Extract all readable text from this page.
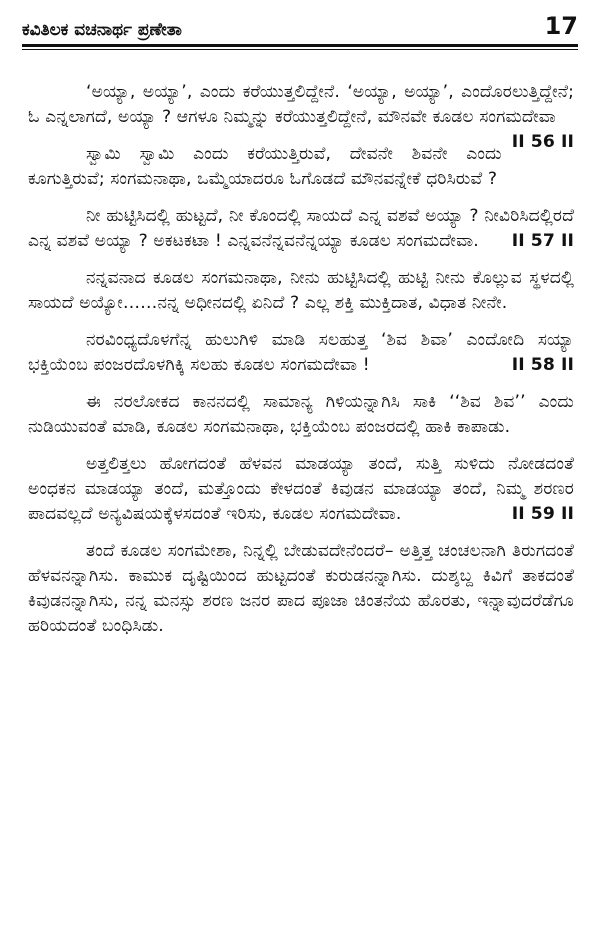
ಕವಿತಿಲಕ ವಚನಾರ್ಥ ಪ್ರಣೇತಾ	17

‘ಅಯ್ಯಾ, ಅಯ್ಯಾ’, ಎಂದು ಕರೆಯುತ್ತಲಿದ್ದೇನೆ. ‘ಅಯ್ಯಾ, ಅಯ್ಯಾ’, ಎಂದೊರಲುತ್ತಿದ್ದೇನೆ; ಓ ಎನ್ನಲಾಗದೆ, ಅಯ್ಯಾ ? ಆಗಳೂ ನಿಮ್ಮನ್ನು ಕರೆಯುತ್ತಲಿದ್ದೇನೆ, ಮೌನವೇ ಕೂಡಲ ಸಂಗಮದೇವಾ
II 56 II

ಸ್ವಾಮಿ ಸ್ವಾಮಿ ಎಂದು ಕರೆಯುತ್ತಿರುವೆ, ದೇವನೇ ಶಿವನೇ ಎಂದು ಕೂಗುತ್ತಿರುವೆ; ಸಂಗಮನಾಥಾ, ಒಮ್ಮೆಯಾದರೂ ಓಗೊಡದೆ ಮೌನವನ್ನೇಕೆ ಧರಿಸಿರುವೆ ?

ನೀ ಹುಟ್ಟಿಸಿದಲ್ಲಿ ಹುಟ್ಟದೆ, ನೀ ಕೊಂದಲ್ಲಿ ಸಾಯದೆ ಎನ್ನ ವಶವೆ ಅಯ್ಯಾ ? ನೀವಿರಿಸಿದಲ್ಲಿರದೆ ಎನ್ನ ವಶವೆ ಅಯ್ಯಾ ? ಅಕಟಕಟಾ ! ಎನ್ನವನೆನ್ನವನೆನ್ನಯ್ಯಾ ಕೂಡಲ ಸಂಗಮದೇವಾ.	II 57 II

ನನ್ನವನಾದ ಕೂಡಲ ಸಂಗಮನಾಥಾ, ನೀನು ಹುಟ್ಟಿಸಿದಲ್ಲಿ ಹುಟ್ಟಿ ನೀನು ಕೊಲ್ಲುವ ಸ್ಥಳದಲ್ಲಿ ಸಾಯದೆ ಅಯ್ಯೋ……ನನ್ನ ಅಧೀನದಲ್ಲಿ ಏನಿದೆ ? ಎಲ್ಲ ಶಕ್ತಿ ಮುಕ್ತಿದಾತ, ವಿಧಾತ ನೀನೇ.

ನರವಿಂಧ್ಯದೊಳಗೆನ್ನ ಹುಲುಗಿಳಿ ಮಾಡಿ ಸಲಹುತ್ತ ‘ಶಿವ ಶಿವಾ’ ಎಂದೋದಿ ಸಯ್ಯಾ ಭಕ್ತಿಯೆಂಬ ಪಂಜರದೊಳಗಿಕ್ಕಿ ಸಲಹು ಕೂಡಲ ಸಂಗಮದೇವಾ !	II 58 II

ಈ ನರಲೋಕದ ಕಾನನದಲ್ಲಿ ಸಾಮಾನ್ಯ ಗಿಳಿಯನ್ನಾಗಿಸಿ ಸಾಕಿ ‘‘ಶಿವ ಶಿವ’’ ಎಂದು ನುಡಿಯುವಂತೆ ಮಾಡಿ, ಕೂಡಲ ಸಂಗಮನಾಥಾ, ಭಕ್ತಿಯೆಂಬ ಪಂಜರದಲ್ಲಿ ಹಾಕಿ ಕಾಪಾಡು.

ಅತ್ತಲಿತ್ತಲು ಹೋಗದಂತೆ ಹೆಳವನ ಮಾಡಯ್ಯಾ ತಂದೆ, ಸುತ್ತಿ ಸುಳಿದು ನೋಡದಂತೆ ಅಂಧಕನ ಮಾಡಯ್ಯಾ ತಂದೆ, ಮತ್ತೊಂದು ಕೇಳದಂತೆ ಕಿವುಡನ ಮಾಡಯ್ಯಾ ತಂದೆ, ನಿಮ್ಮ ಶರಣರ ಪಾದವಲ್ಲದೆ ಅನ್ಯವಿಷಯಕ್ಕೆಳಸದಂತೆ ಇರಿಸು, ಕೂಡಲ ಸಂಗಮದೇವಾ.	II 59 II

ತಂದೆ ಕೂಡಲ ಸಂಗಮೇಶಾ, ನಿನ್ನಲ್ಲಿ ಬೇಡುವದೇನೆಂದರೆ– ಅತ್ತಿತ್ತ ಚಂಚಲನಾಗಿ ತಿರುಗದಂತೆ ಹೆಳವನನ್ನಾಗಿಸು. ಕಾಮುಕ ದೃಷ್ಟಿಯಿಂದ ಹುಟ್ಟದಂತೆ ಕುರುಡನನ್ನಾಗಿಸು. ದುಶ್ಶಬ್ದ ಕಿವಿಗೆ ತಾಕದಂತೆ ಕಿವುಡನನ್ನಾಗಿಸು, ನನ್ನ ಮನಸ್ಸು ಶರಣ ಜನರ ಪಾದ ಪೂಜಾ ಚಿಂತನೆಯ ಹೊರತು, ಇನ್ನಾವುದರೆಡೆಗೂ ಹರಿಯದಂತೆ ಬಂಧಿಸಿಡು.
